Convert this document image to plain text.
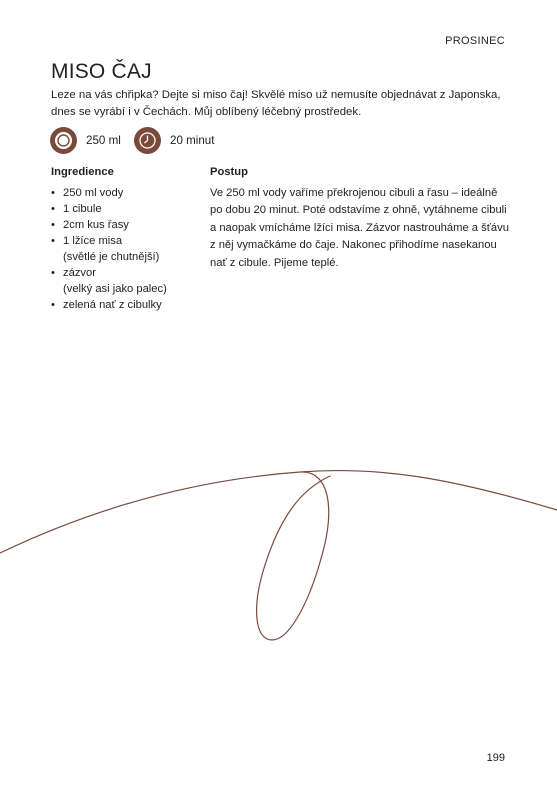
PROSINEC
MISO ČAJ

Leze na vás chřipka? Dejte si miso čaj! Skvělé miso už nemusíte objednávat z Japonska, dnes se vyrábí i v Čechách. Můj oblíbený léčebný prostředek.

250 ml	20 minut
Ingredience
• 250 ml vody
• 1 cibule
• 2cm kus řasy
• 1 lžíce misa
(světlé je chutnější)
• zázvor
(velký asi jako palec)
• zelená nať z cibulky
Postup

Ve 250 ml vody vaříme překrojenou cibuli a řasu – ideálně po dobu 20 minut. Poté odstavíme z ohně, vytáhneme cibuli a naopak vmícháme lžíci misa. Zázvor nastrouháme a šťávu z něj vymačkáme do čaje. Nakonec přihodíme nasekanou nať z cibule. Pijeme teplé.

199
